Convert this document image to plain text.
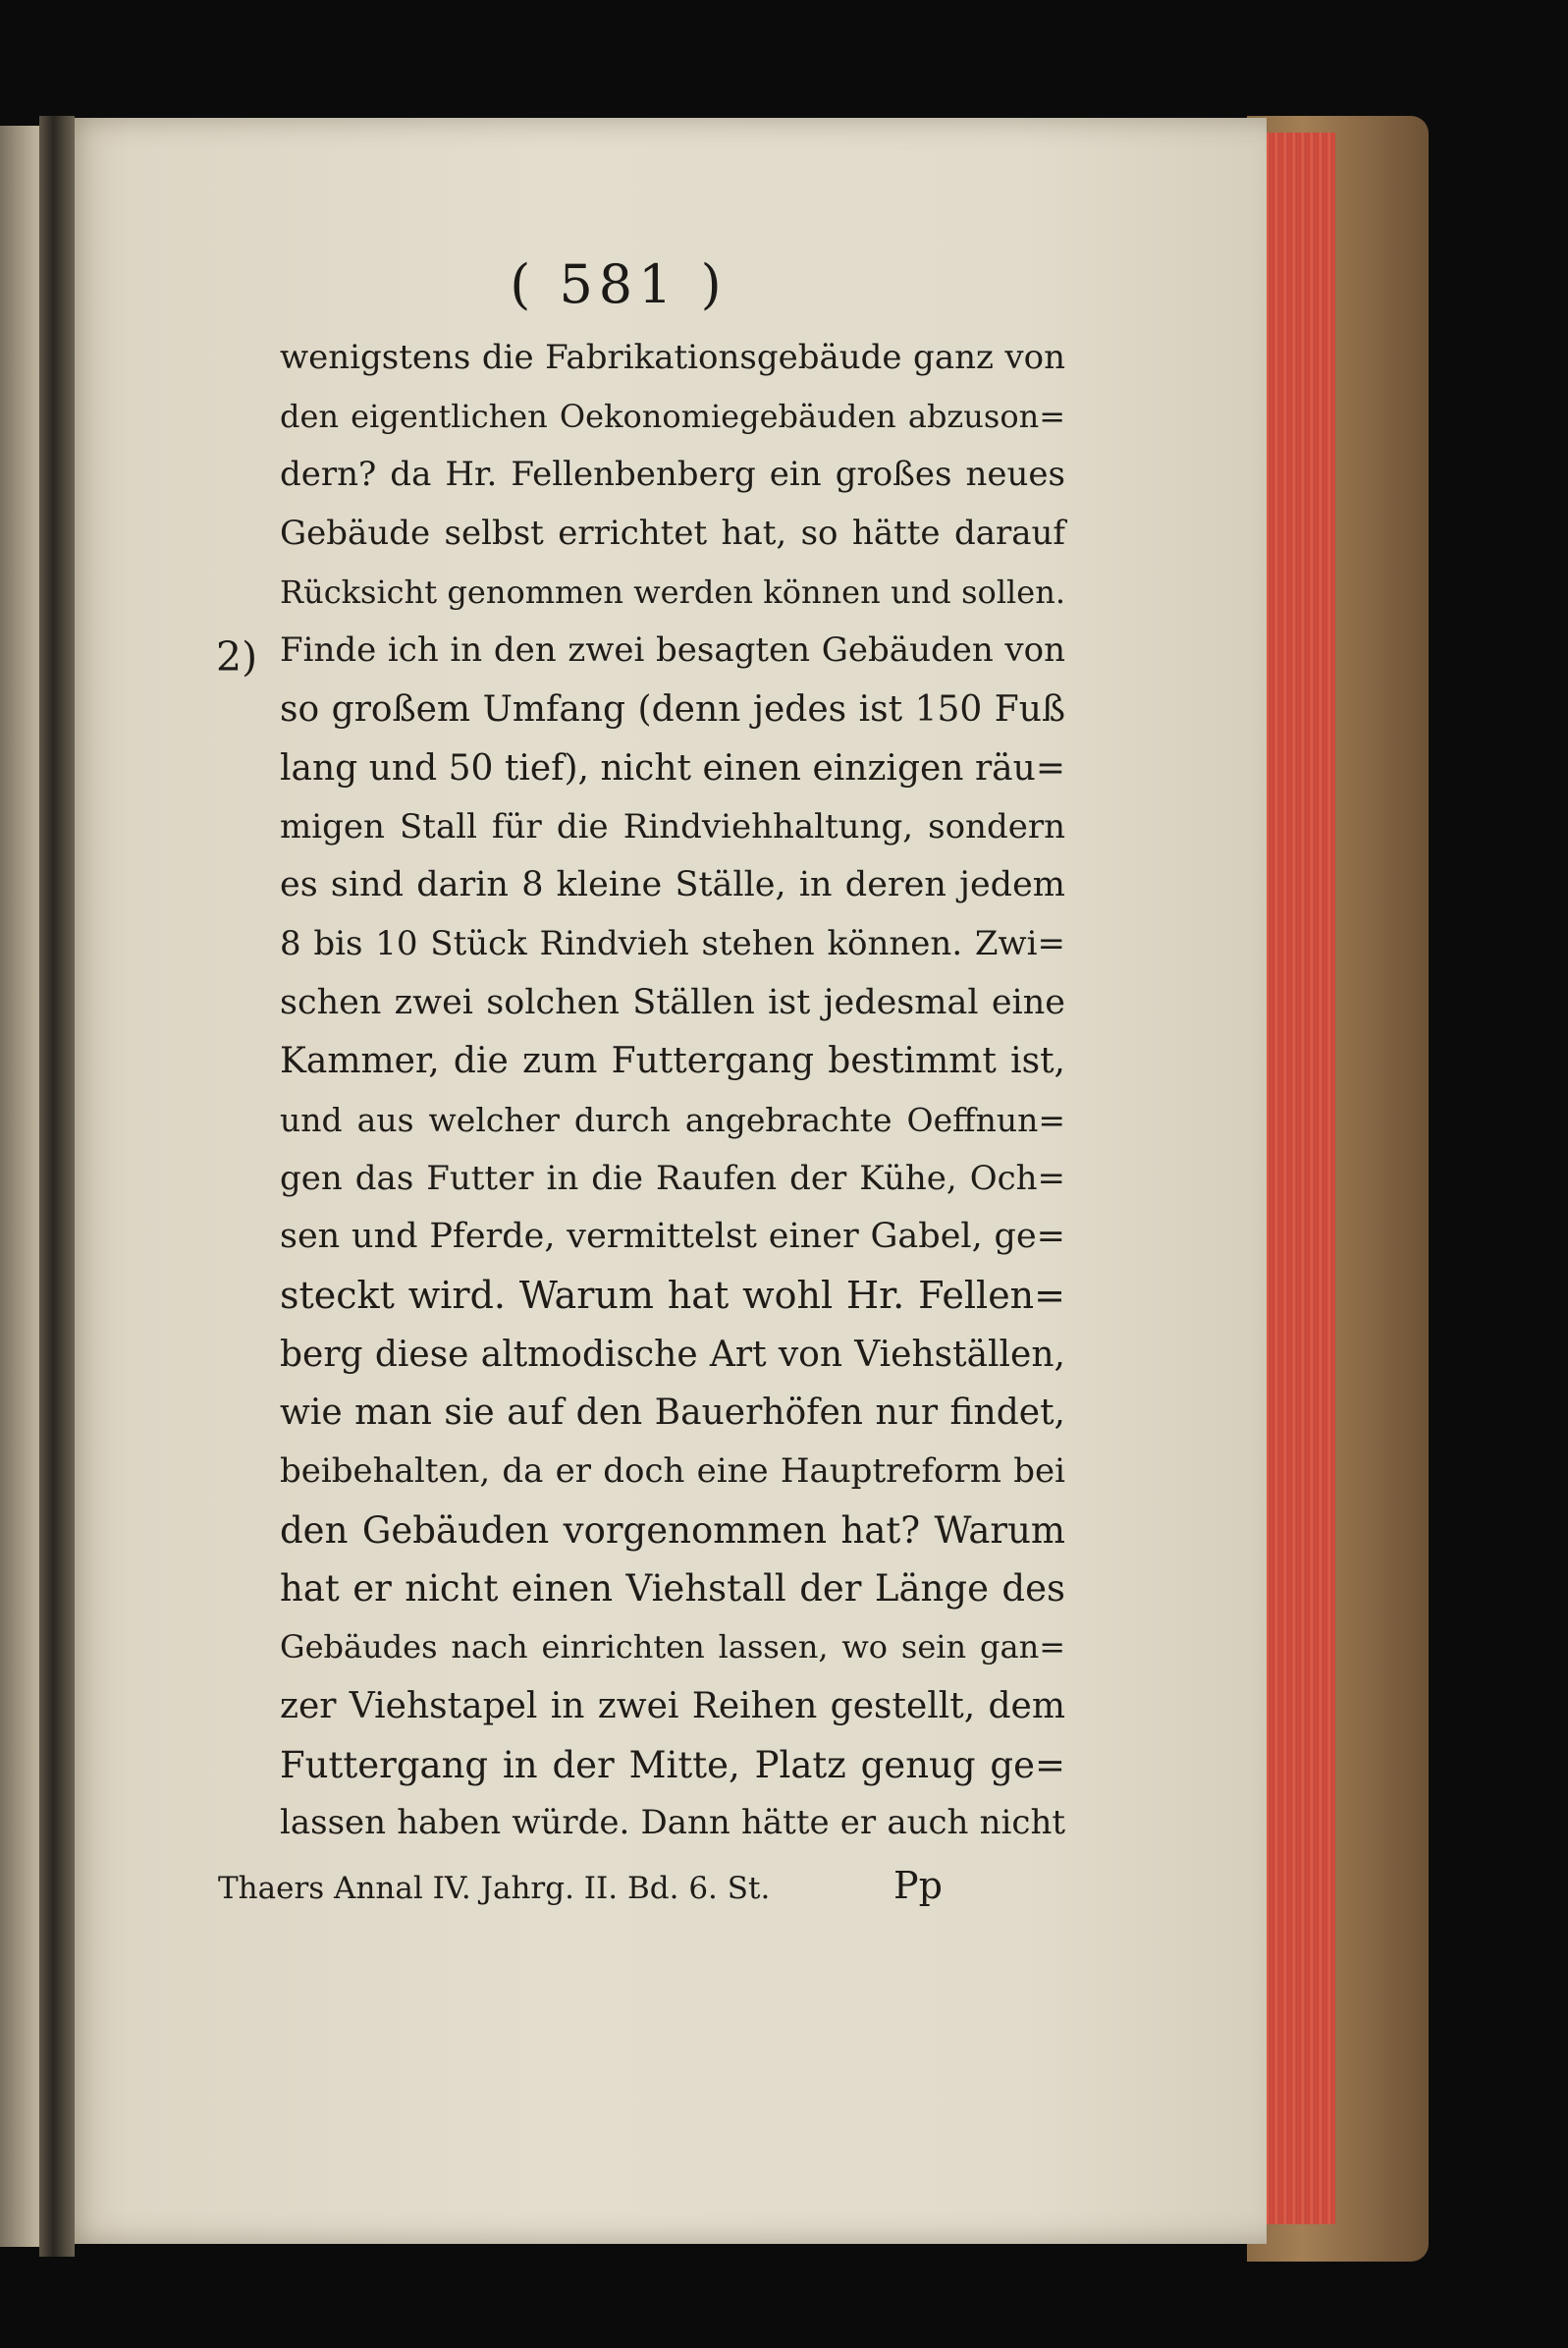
( 581 )
2)
wenigstens die Fabrikationsgebäude ganz von
den eigentlichen Oekonomiegebäuden abzuson=
dern? da Hr. Fellenbenberg ein großes neues
Gebäude selbst errichtet hat, so hätte darauf
Rücksicht genommen werden können und sollen.
Finde ich in den zwei besagten Gebäuden von
so großem Umfang (denn jedes ist 150 Fuß
lang und 50 tief), nicht einen einzigen räu=
migen Stall für die Rindviehhaltung, sondern
es sind darin 8 kleine Ställe, in deren jedem
8 bis 10 Stück Rindvieh stehen können. Zwi=
schen zwei solchen Ställen ist jedesmal eine
Kammer, die zum Futtergang bestimmt ist,
und aus welcher durch angebrachte Oeffnun=
gen das Futter in die Raufen der Kühe, Och=
sen und Pferde, vermittelst einer Gabel, ge=
steckt wird. Warum hat wohl Hr. Fellen=
berg diese altmodische Art von Viehställen,
wie man sie auf den Bauerhöfen nur findet,
beibehalten, da er doch eine Hauptreform bei
den Gebäuden vorgenommen hat? Warum
hat er nicht einen Viehstall der Länge des
Gebäudes nach einrichten lassen, wo sein gan=
zer Viehstapel in zwei Reihen gestellt, dem
Futtergang in der Mitte, Platz genug ge=
lassen haben würde. Dann hätte er auch nicht
Thaers Annal IV. Jahrg. II. Bd. 6. St.	Pp
